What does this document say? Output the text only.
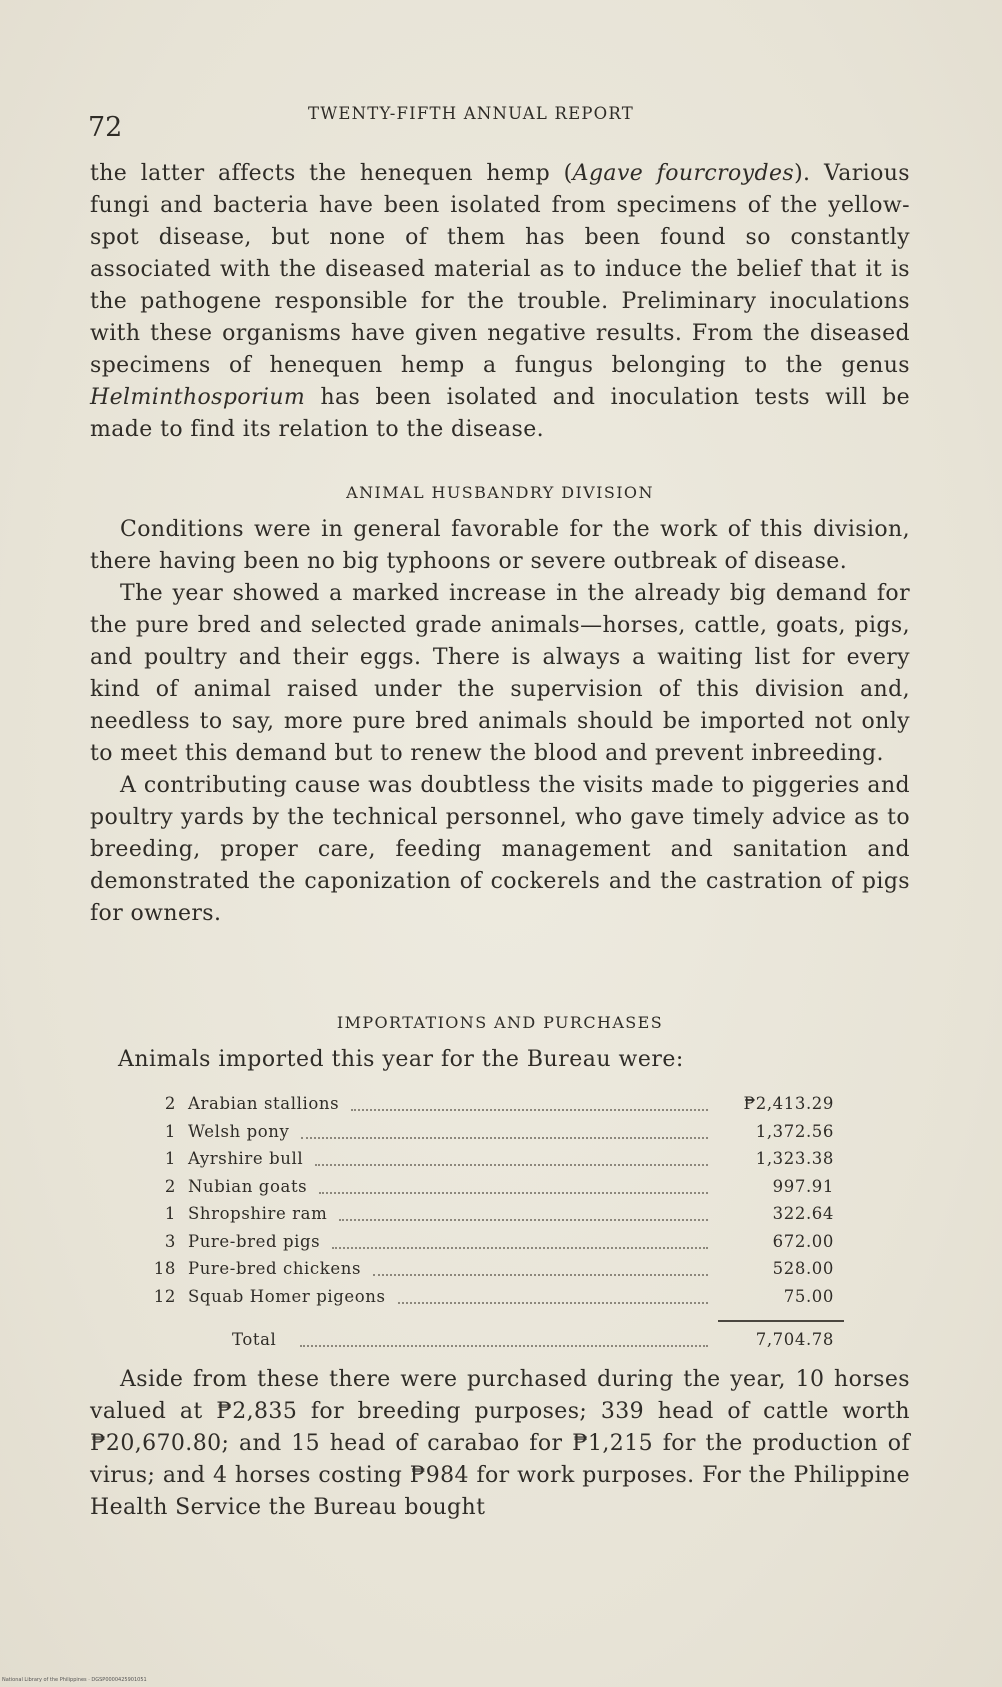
72	TWENTY-FIFTH ANNUAL REPORT

the latter affects the henequen hemp (Agave fourcroydes). Various fungi and bacteria have been isolated from specimens of the yellow-spot disease, but none of them has been found so constantly associated with the diseased material as to induce the belief that it is the pathogene responsible for the trouble. Preliminary inoculations with these organisms have given negative results. From the diseased specimens of henequen hemp a fungus belonging to the genus Helminthosporium has been isolated and inoculation tests will be made to find its relation to the disease.

ANIMAL HUSBANDRY DIVISION

Conditions were in general favorable for the work of this division, there having been no big typhoons or severe outbreak of disease.

The year showed a marked increase in the already big demand for the pure bred and selected grade animals—horses, cattle, goats, pigs, and poultry and their eggs. There is always a waiting list for every kind of animal raised under the supervision of this division and, needless to say, more pure bred animals should be imported not only to meet this demand but to renew the blood and prevent inbreeding.

A contributing cause was doubtless the visits made to piggeries and poultry yards by the technical personnel, who gave timely advice as to breeding, proper care, feeding management and sanitation and demonstrated the caponization of cockerels and the castration of pigs for owners.

IMPORTATIONS AND PURCHASES
Animals imported this year for the Bureau were:
2 Arabian stallions	₱2,413.29
1 Welsh pony	1,372.56
1 Ayrshire bull	1,323.38
2 Nubian goats	997.91
1 Shropshire ram	322.64
3 Pure-bred pigs	672.00
18 Pure-bred chickens	528.00
12 Squab Homer pigeons	75.00
Total	7,704.78

Aside from these there were purchased during the year, 10 horses valued at ₱2,835 for breeding purposes; 339 head of cattle worth ₱20,670.80; and 15 head of carabao for ₱1,215 for the production of virus; and 4 horses costing ₱984 for work purposes. For the Philippine Health Service the Bureau bought

National Library of the Philippines · DGSP0000425901051
